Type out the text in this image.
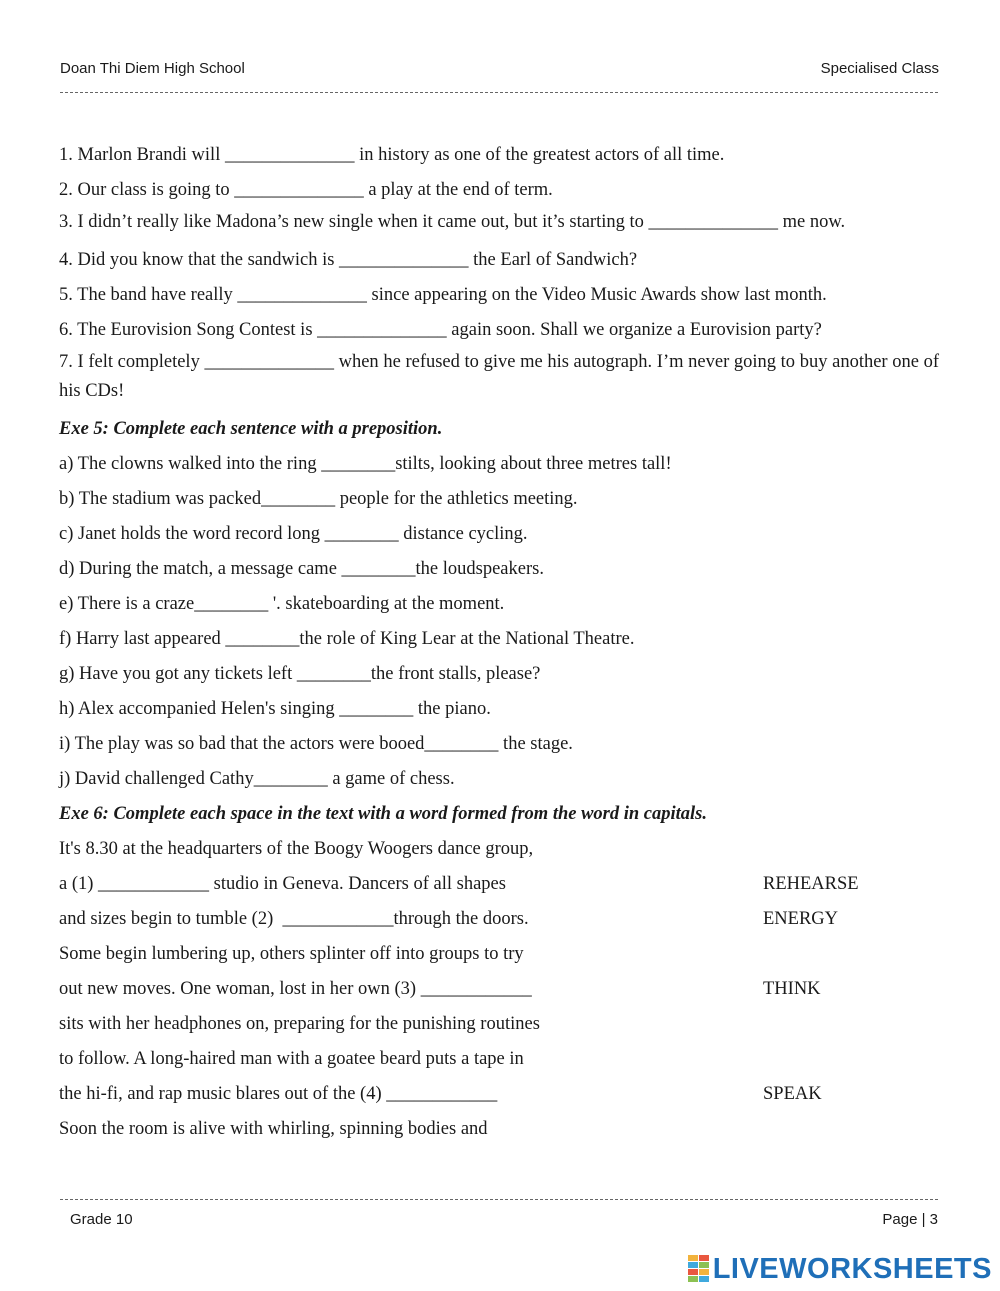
Doan Thi Diem High School	Specialised Class
1. Marlon Brandi will ______________ in history as one of the greatest actors of all time.
2. Our class is going to ______________ a play at the end of term.

3. I didn’t really like Madona’s new single when it came out, but it’s starting to ______________ me now.

4. Did you know that the sandwich is ______________ the Earl of Sandwich?
5. The band have really ______________ since appearing on the Video Music Awards show last month.
6. The Eurovision Song Contest is ______________ again soon. Shall we organize a Eurovision party?

7. I felt completely ______________ when he refused to give me his autograph. I’m never going to buy another one of his CDs!

Exe 5: Complete each sentence with a preposition.
a) The clowns walked into the ring ________stilts, looking about three metres tall!
b) The stadium was packed________ people for the athletics meeting.
c) Janet holds the word record long ________ distance cycling.
d) During the match, a message came ________the loudspeakers.
e) There is a craze________ '. skateboarding at the moment.
f) Harry last appeared ________the role of King Lear at the National Theatre.
g) Have you got any tickets left ________the front stalls, please?
h) Alex accompanied Helen's singing ________ the piano.
i) The play was so bad that the actors were booed________ the stage.
j) David challenged Cathy________ a game of chess.
Exe 6: Complete each space in the text with a word formed from the word in capitals.
It's 8.30 at the headquarters of the Boogy Woogers dance group,
a (1) ____________ studio in Geneva. Dancers of all shapes	REHEARSE
and sizes begin to tumble (2)  ____________through the doors.	ENERGY
Some begin lumbering up, others splinter off into groups to try
out new moves. One woman, lost in her own (3) ____________	THINK
sits with her headphones on, preparing for the punishing routines
to follow. A long-haired man with a goatee beard puts a tape in
the hi-fi, and rap music blares out of the (4) ____________	SPEAK
Soon the room is alive with whirling, spinning bodies and
Grade 10	Page | 3
LIVEWORKSHEETS
